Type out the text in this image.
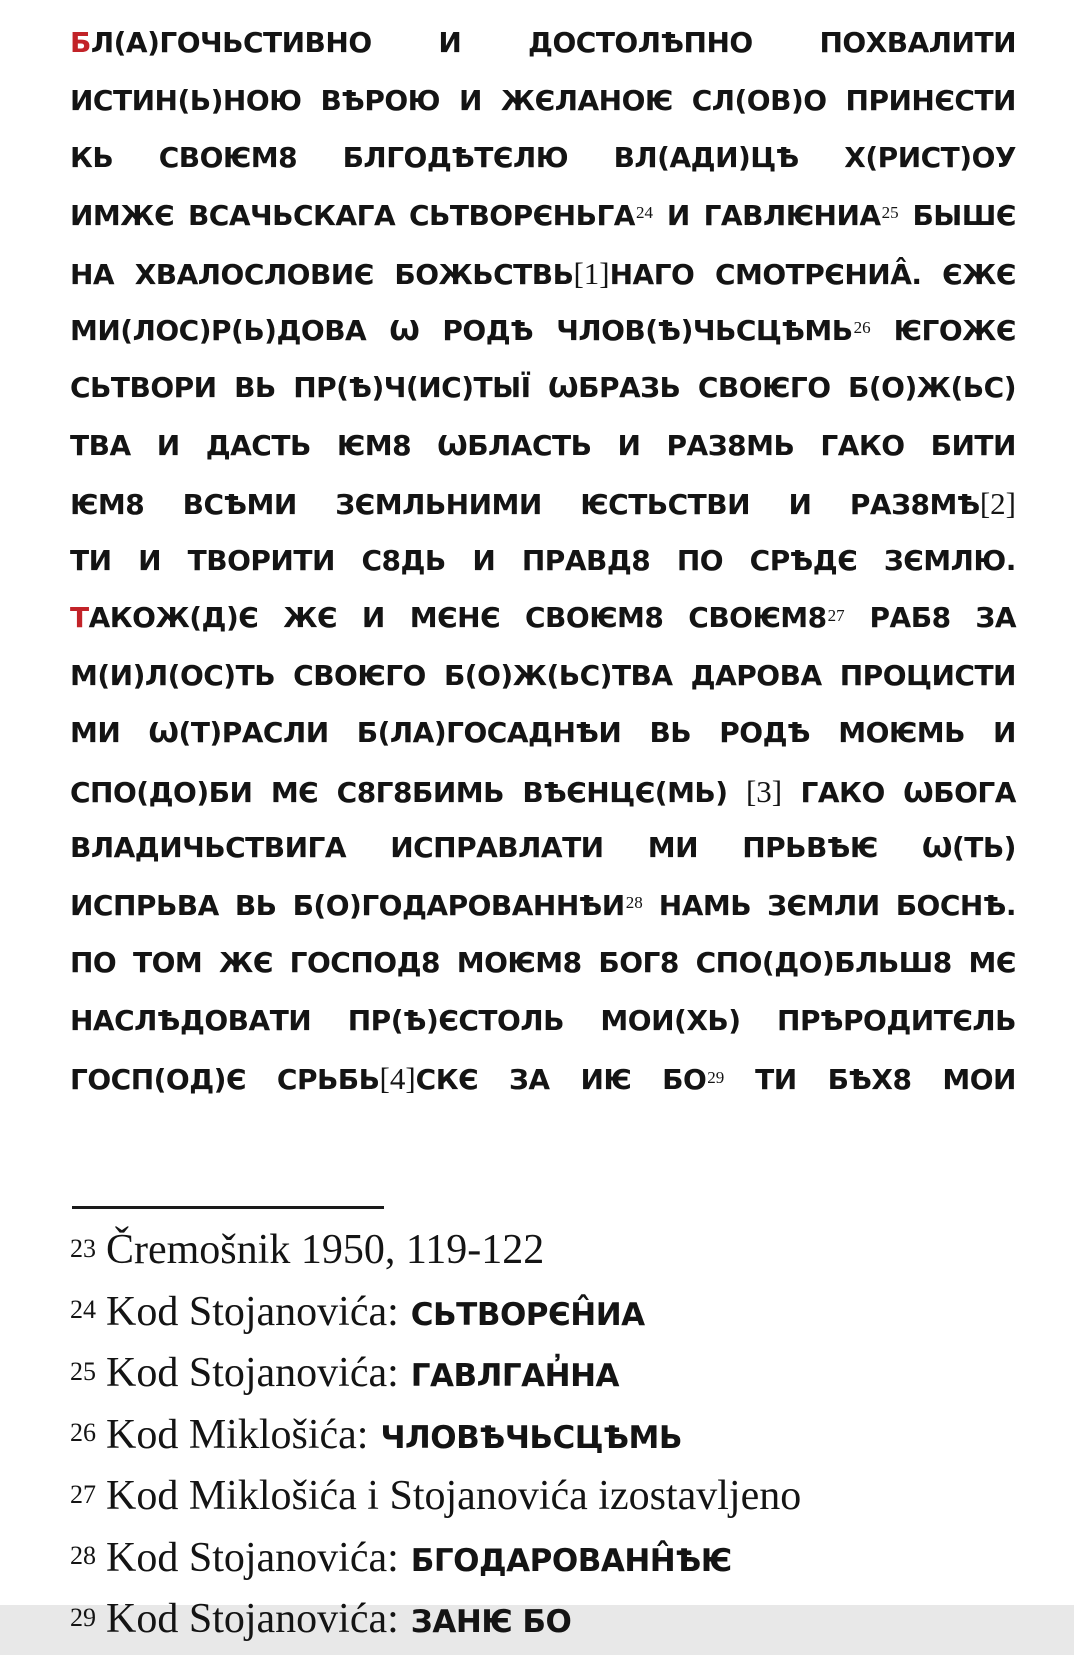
БЛ(А)ГОЧЬСТИВНО И ДОСТОЛѢПНО ПОХВАЛИТИ
ИСТИН(Ь)НОЮ ВѢРОЮ И ЖЄЛАНОѤ СЛ(ОВ)О ПРИНЄСТИ
КЬ СВОѤМ8 БЛГОДѢТЄЛЮ ВЛ(АДИ)ЦѢ Х(РИСТ)ОУ
ИМЖЄ ВСАЧЬСКАГА СЬТВОРЄНЬГА$^{24}$ И ГАВЛѤНИА$^{25}$ БЫШЄ
НА ХВАЛОСЛОВИЄ БОЖЬСТВЬ[1]НАГО СМОТРЄНИА̂. ЄЖЄ
МИ(ЛОС)Р(Ь)ДОВА Ѡ РОДѢ ЧЛОВ(Ѣ)ЧЬСЦѢМЬ$^{26}$ ѤГОЖЄ
СЬТВОРИ ВЬ ПР(Ѣ)Ч(ИС)ТЫЇ ѠБРАЗЬ СВОѤГО Б(О)Ж(ЬС)
ТВА И ДАСТЬ ѤМ8 ѠБЛАСТЬ И РАЗ8МЬ ГАКО БИТИ
ѤМ8 ВСѢМИ ЗЄМЛЬНИМИ ѤСТЬСТВИ И РАЗ8МѢ[2]
ТИ И ТВОРИТИ С8ДЬ И ПРАВД8 ПО СРѢДЄ ЗЄМЛЮ.
ТАКОЖ(Д)Є ЖЄ И МЄНЄ СВОѤМ8 $СВОѤМ8^{27}$ РАБ8 ЗА
М(И)Л(ОС)ТЬ СВОѤГО Б(О)Ж(ЬС)ТВА ДАРОВА ПРОЦИСТИ
МИ Ѡ(Т)РАСЛИ Б(ЛА)ГОСАДНѢИ ВЬ РОДѢ МОѤМЬ И
СПО(ДО)БИ МЄ С8Г8БИМЬ ВѢЄНЦЄ(МЬ) [3] ГАКО ѠБОГА
ВЛАДИЧЬСТВИГА ИСПРАВЛАТИ МИ ПРЬВѢѤ Ѡ(ТЬ)
ИСПРЬВА ВЬ Б(О)ГОДАРОВАННѢИ$^{28}$ НАМЬ ЗЄМЛИ БОСНѢ.
ПО ТОМ ЖЄ ГОСПОД8 МОѤМ8 БОГ8 СПО(ДО)БЛЬШ8 МЄ
НАСЛѢДОВАТИ ПР(Ѣ)ЄСТОЛЬ МОИ(ХЬ) ПРѢРОДИТЄЛЬ
ГОСП(ОД)Є СРЬБЬ[4]СКЄ ЗА ИѤ БО$^{29}$ ТИ БѢХ8 МОИ
$^{23}$ Čremošnik 1950, 119-122
$^{24}$ Kod Stojanovića: СЬТВОРЄН̂ИА
$^{25}$ Kod Stojanovića: ГАВЛГАН̓НА
$^{26}$ Kod Miklošića: ЧЛОВѢЧЬСЦѢМЬ
$^{27}$ Kod Miklošića i Stojanovića izostavljeno
$^{28}$ Kod Stojanovića: БГОДАРОВАНН̂ѢѤ
$^{29}$ Kod Stojanovića: ЗАНѤ БО
